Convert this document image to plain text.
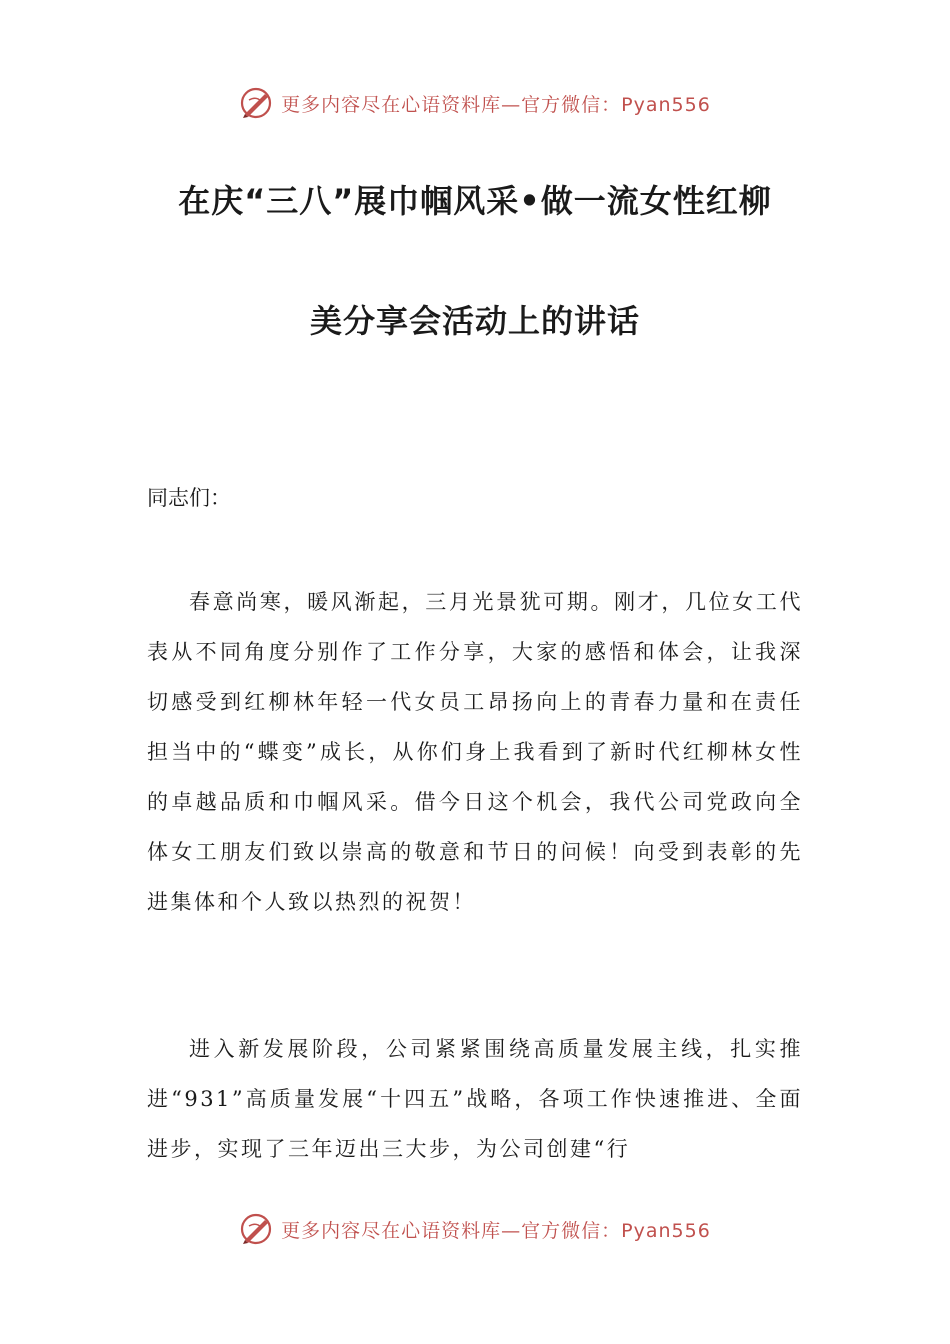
更多内容尽在心语资料库—官方微信：Pyan556
在庆“三八”展巾帼风采•做一流女性红柳
美分享会活动上的讲话
同志们：

春意尚寒，暖风渐起，三月光景犹可期。刚才，几位女工代表从不同角度分别作了工作分享，大家的感悟和体会，让我深切感受到红柳林年轻一代女员工昂扬向上的青春力量和在责任担当中的“蝶变”成长，从你们身上我看到了新时代红柳林女性的卓越品质和巾帼风采。借今日这个机会，我代公司党政向全体女工朋友们致以崇高的敬意和节日的问候！向受到表彰的先进集体和个人致以热烈的祝贺！

进入新发展阶段，公司紧紧围绕高质量发展主线，扎实推进“931”高质量发展“十四五”战略，各项工作快速推进、全面进步，实现了三年迈出三大步，为公司创建“行

更多内容尽在心语资料库—官方微信：Pyan556
